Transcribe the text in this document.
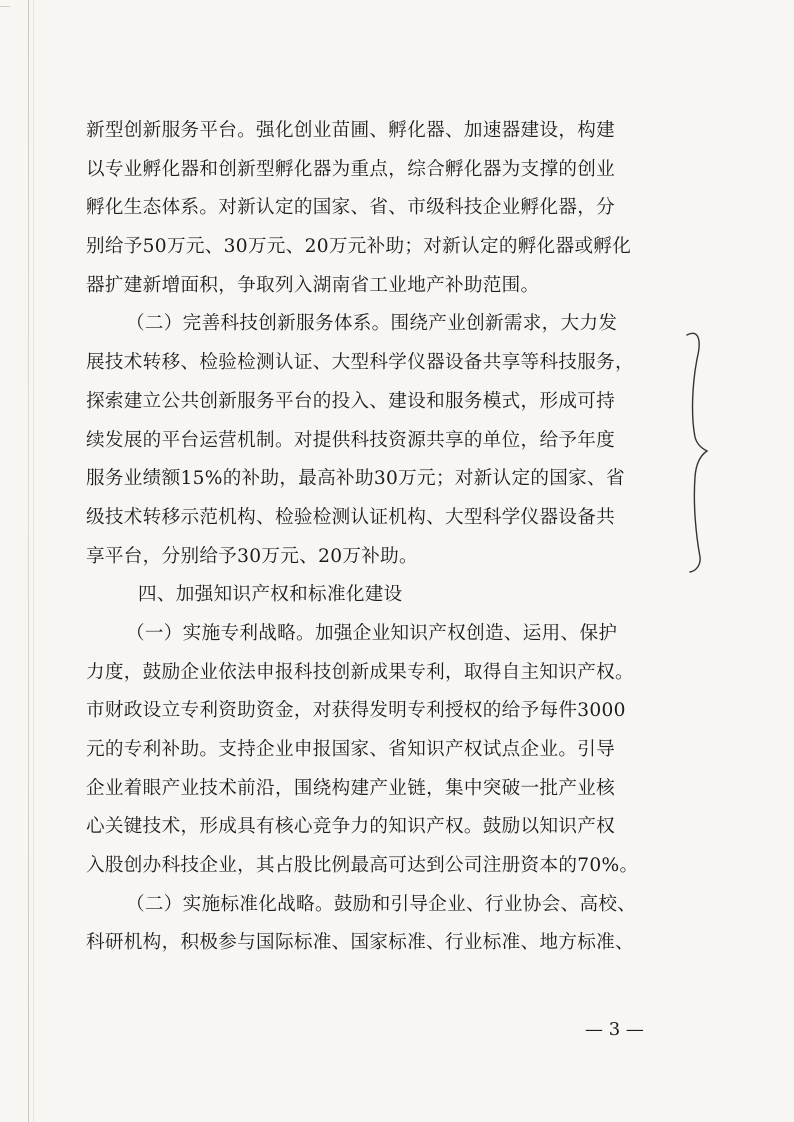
新型创新服务平台。强化创业苗圃、孵化器、加速器建设，构建
以专业孵化器和创新型孵化器为重点，综合孵化器为支撑的创业
孵化生态体系。对新认定的国家、省、市级科技企业孵化器，分
别给予50万元、30万元、20万元补助；对新认定的孵化器或孵化
器扩建新增面积，争取列入湖南省工业地产补助范围。
（二）完善科技创新服务体系。围绕产业创新需求，大力发
展技术转移、检验检测认证、大型科学仪器设备共享等科技服务，
探索建立公共创新服务平台的投入、建设和服务模式，形成可持
续发展的平台运营机制。对提供科技资源共享的单位，给予年度
服务业绩额15%的补助，最高补助30万元；对新认定的国家、省
级技术转移示范机构、检验检测认证机构、大型科学仪器设备共
享平台，分别给予30万元、20万补助。
四、加强知识产权和标准化建设
（一）实施专利战略。加强企业知识产权创造、运用、保护
力度，鼓励企业依法申报科技创新成果专利，取得自主知识产权。
市财政设立专利资助资金，对获得发明专利授权的给予每件3000
元的专利补助。支持企业申报国家、省知识产权试点企业。引导
企业着眼产业技术前沿，围绕构建产业链，集中突破一批产业核
心关键技术，形成具有核心竞争力的知识产权。鼓励以知识产权
入股创办科技企业，其占股比例最高可达到公司注册资本的70%。
（二）实施标准化战略。鼓励和引导企业、行业协会、高校、
科研机构，积极参与国际标准、国家标准、行业标准、地方标准、
— 3 —
